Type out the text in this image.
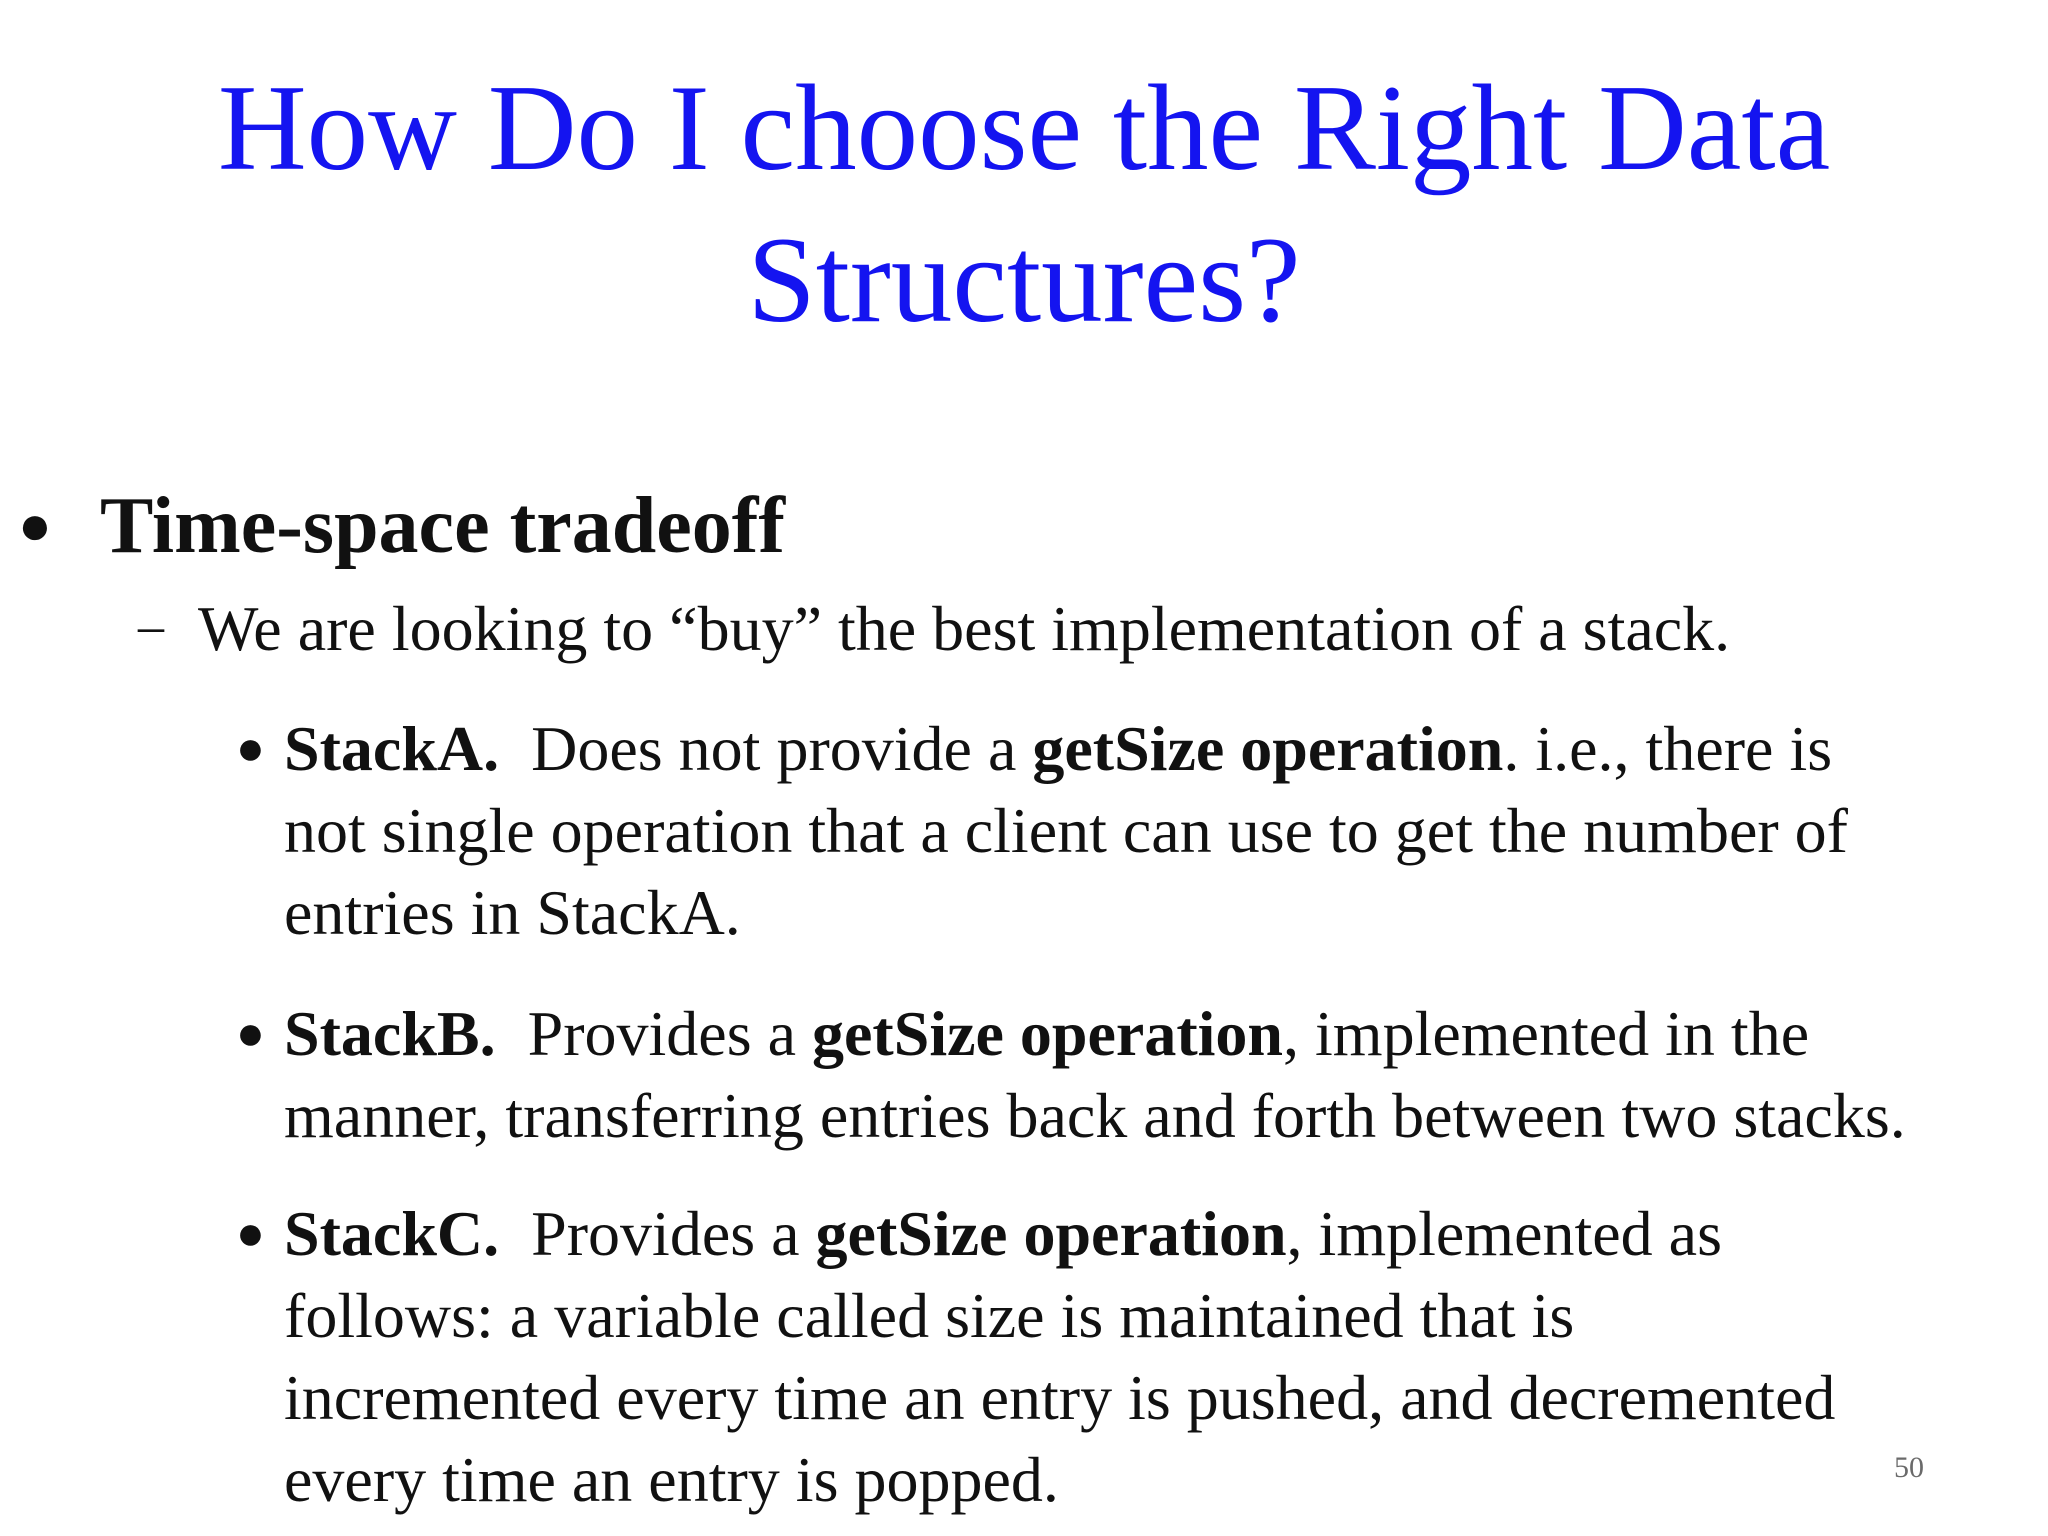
How Do I choose the Right Data
Structures?
● Time-space tradeoff
– We are looking to “buy” the best implementation of a stack.
● StackA. Does not provide a getSize operation. i.e., there is
not single operation that a client can use to get the number of
entries in StackA.
● StackB. Provides a getSize operation, implemented in the
manner, transferring entries back and forth between two stacks.
● StackC. Provides a getSize operation, implemented as
follows: a variable called size is maintained that is
incremented every time an entry is pushed, and decremented
every time an entry is popped.	50
